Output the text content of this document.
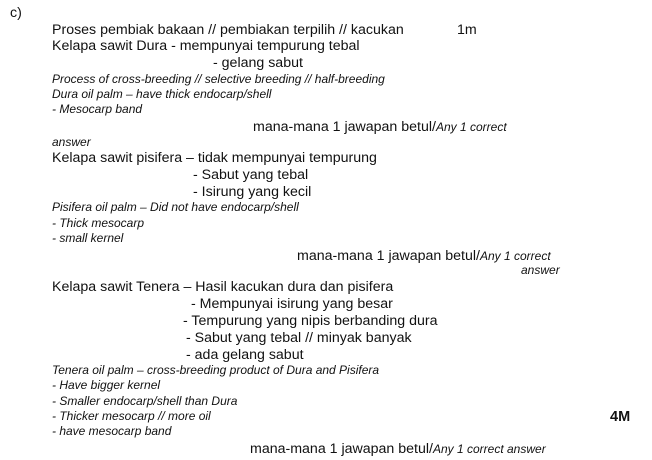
c)
Proses pembiak bakaan // pembiakan terpilih // kacukan	1m
Kelapa sawit Dura - mempunyai tempurung tebal
- gelang sabut
Process of cross-breeding // selective breeding // half-breeding
Dura oil palm – have thick endocarp/shell
- Mesocarp band
mana-mana 1 jawapan betul/Any 1 correct
answer
Kelapa sawit pisifera – tidak mempunyai tempurung
- Sabut yang tebal
- Isirung yang kecil
Pisifera oil palm – Did not have endocarp/shell
- Thick mesocarp
- small kernel
mana-mana 1 jawapan betul/Any 1 correct
answer
Kelapa sawit Tenera – Hasil kacukan dura dan pisifera
- Mempunyai isirung yang besar
- Tempurung yang nipis berbanding dura
- Sabut yang tebal // minyak banyak
- ada gelang sabut
Tenera oil palm – cross-breeding product of Dura and Pisifera
- Have bigger kernel
- Smaller endocarp/shell than Dura
- Thicker mesocarp // more oil	4M
- have mesocarp band
mana-mana 1 jawapan betul/Any 1 correct answer
